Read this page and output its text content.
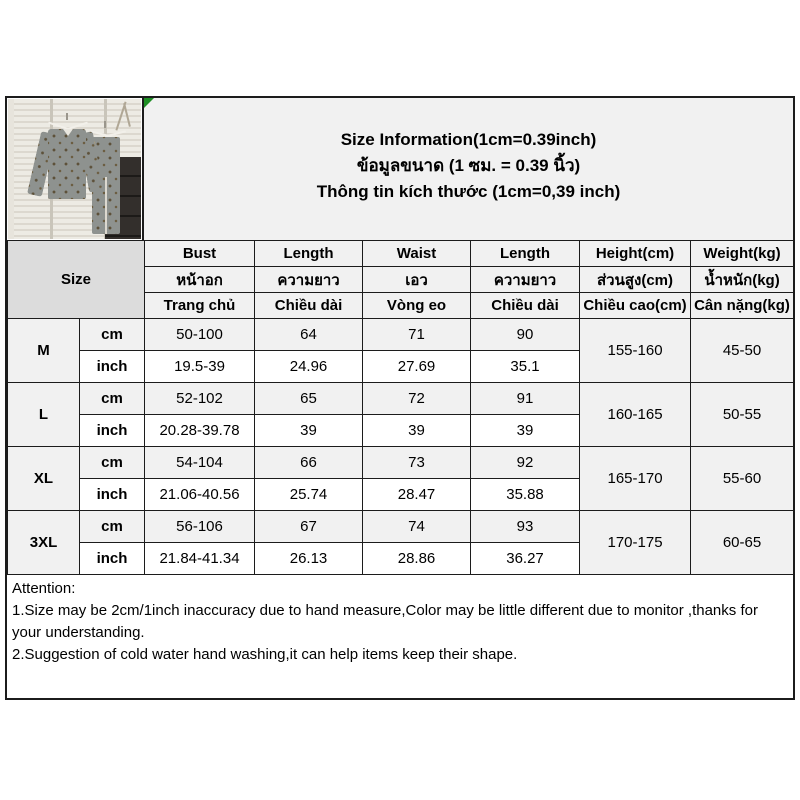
Size Information(1cm=0.39inch)
ข้อมูลขนาด (1 ซม. = 0.39 นิ้ว)
Thông tin kích thước (1cm=0,39 inch)
Size		Bust	Length	Waist	Length	Height(cm)	Weight(kg)
		หน้าอก	ความยาว	เอว	ความยาว	ส่วนสูง(cm)	น้ำหนัก(kg)
		Trang chủ	Chiều dài	Vòng eo	Chiều dài	Chiều cao(cm)	Cân nặng(kg)
M	cm	50-100	64	71	90	155-160	45-50
	inch	19.5-39	24.96	27.69	35.1		
L	cm	52-102	65	72	91	160-165	50-55
	inch	20.28-39.78	39	39	39		
XL	cm	54-104	66	73	92	165-170	55-60
	inch	21.06-40.56	25.74	28.47	35.88		
3XL	cm	56-106	67	74	93	170-175	60-65
	inch	21.84-41.34	26.13	28.86	36.27		
Attention:
1.Size may be 2cm/1inch inaccuracy due to hand measure,Color may be little different due to monitor ,thanks for your understanding.
2.Suggestion of cold water hand washing,it can help items keep their shape.
